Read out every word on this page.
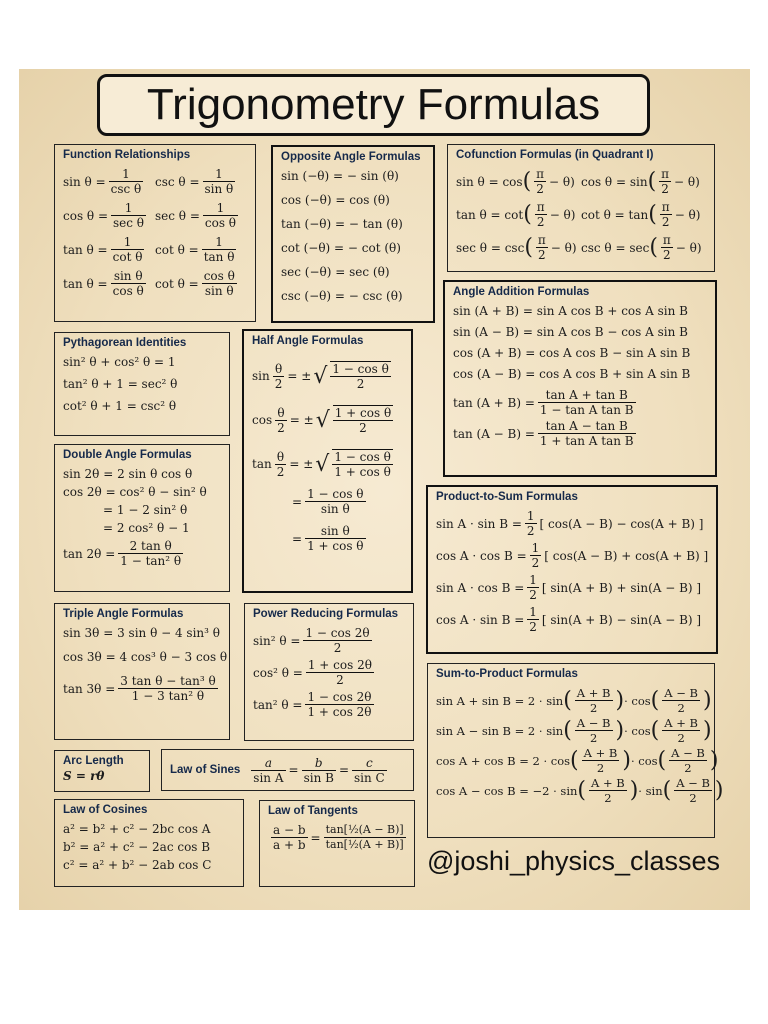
Trigonometry Formulas
Function Relationships
$\sin \theta = \frac{1}{\text{csc θ}}$ $\csc \theta = \frac{1}{\text{sin θ}}$
$\cos \theta = \frac{1}{\text{sec θ}}$ $\sec \theta = \frac{1}{\text{cos θ}}$
$\tan \theta = \frac{1}{\text{cot θ}}$ $\cot \theta = \frac{1}{\text{tan θ}}$
$\tan \theta = \frac{\text{sin θ}}{\text{cos θ}}$ $\cot \theta = \frac{\text{cos θ}}{\text{sin θ}}$
Opposite Angle Formulas
sin (−θ) = − sin (θ)
cos (−θ) = cos (θ)
tan (−θ) = − tan (θ)
cot (−θ) = − cot (θ)
sec (−θ) = sec (θ)
csc (−θ) = − csc (θ)
Cofunction Formulas (in Quadrant I)
sin θ = cos ( $\frac{\pi}{2} - \theta$) cos θ = sin ( $\frac{\pi}{2} - \theta$)
tan θ = cot ( $\frac{\pi}{2} - \theta$) cot θ = tan ( $\frac{\pi}{2} - \theta$)
sec θ = csc ( $\frac{\pi}{2} - \theta$) csc θ = sec ( $\frac{\pi}{2} - \theta$)
Angle Addition Formulas
sin (A + B) = sin A cos B + cos A sin B
sin (A − B) = sin A cos B − cos A sin B
cos (A + B) = cos A cos B − sin A sin B
cos (A − B) = cos A cos B + sin A sin B
$\tan (A + B) = \frac{\text{tan A + tan B}}{\text{1 − tan A tan B}}$
$\tan (A - B) = \frac{\text{tan A − tan B}}{\text{1 + tan A tan B}}$
Pythagorean Identities
sin² θ + cos² θ = 1
tan² θ + 1 = sec² θ
cot² θ + 1 = csc² θ
Half Angle Formulas
$\sin \frac{\theta}{2}$ = ± √ $\frac{\text{1 − cos θ}}{2}$
$\cos \frac{\theta}{2}$ = ± √ $\frac{\text{1 + cos θ}}{2}$
$\tan \frac{\theta}{2}$ = ± √ $\frac{\text{1 − cos θ}}{\text{1 + cos θ}}$
= $\frac{\text{1 − cos θ}}{\text{sin θ}}$
= $\frac{\text{sin θ}}{\text{1 + cos θ}}$
Double Angle Formulas
sin 2θ = 2 sin θ cos θ
cos 2θ = cos² θ − sin² θ
= 1 − 2 sin² θ
= 2 cos² θ − 1
$\tan 2\theta = \frac{\text{2 tan θ}}{\text{1 − tan² θ}}$
Product-to-Sum Formulas
$\sin A \cdot \sin B = \frac{1}{2}$ [ cos(A − B) − cos(A + B) ]
$\cos A \cdot \cos B = \frac{1}{2}$ [ cos(A − B) + cos(A + B) ]
$\sin A \cdot \cos B = \frac{1}{2}$ [ sin(A + B) + sin(A − B) ]
$\cos A \cdot \sin B = \frac{1}{2}$ [ sin(A + B) − sin(A − B) ]
Triple Angle Formulas
sin 3θ = 3 sin θ − 4 sin³ θ
cos 3θ = 4 cos³ θ − 3 cos θ
$\tan 3\theta = \frac{\text{3 tan θ − tan³ θ}}{\text{1 − 3 tan² θ}}$
Power Reducing Formulas
sin² $\theta = \frac{1 - \cos 2\theta}{2}$
cos² $\theta = \frac{1 + \cos 2\theta}{2}$
tan² $\theta = \frac{1 - \cos 2\theta}{1 + \cos 2\theta}$
Sum-to-Product Formulas
sin A + sin B = 2 · sin ( $\frac{A + B}{2}$ ) · cos ( $\frac{A - B}{2}$ )
sin A − sin B = 2 · sin ( $\frac{A - B}{2}$ ) · cos ( $\frac{A + B}{2}$ )
cos A + cos B = 2 · cos ( $\frac{A + B}{2}$ ) · cos ( $\frac{A - B}{2}$ )
cos A − cos B = −2 · sin ( $\frac{A + B}{2}$ ) · sin ( $\frac{A - B}{2}$ )
Arc Length
S = rθ	Law of Sines $\frac{a}{\text{sin A}} = \frac{b}{\text{sin B}} = \frac{c}{\text{sin C}}$
Law of Cosines
a² = b² + c² − 2bc cos A
b² = a² + c² − 2ac cos B
c² = a² + b² − 2ab cos C
Law of Tangents
$\frac{a - b}{a + b} = \frac{\text{tan[½(A − B)]}}{\text{tan[½(A + B)]}}$
@joshi_physics_classes
